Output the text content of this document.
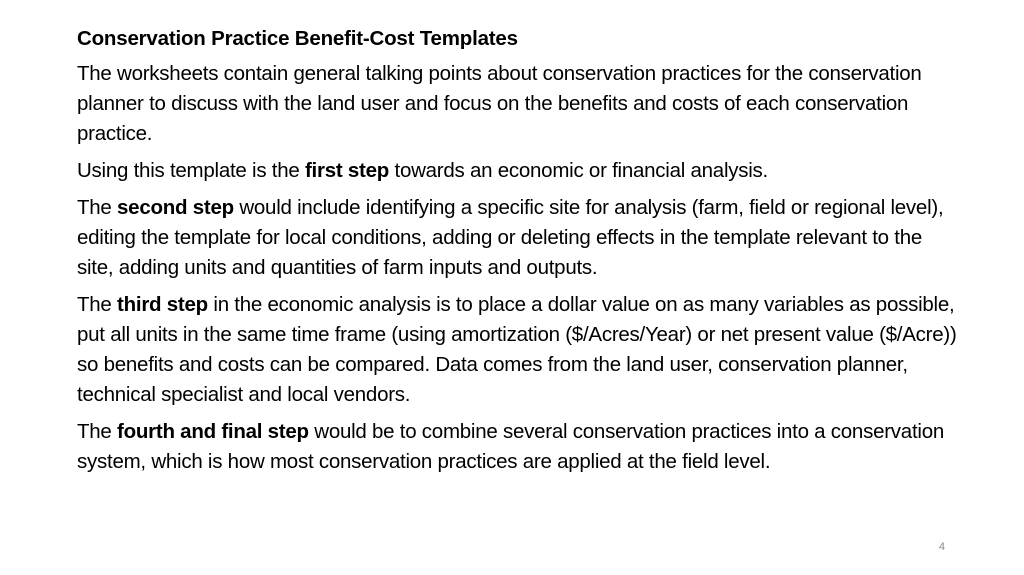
Conservation Practice Benefit-Cost Templates

The worksheets contain general talking points about conservation practices for the conservation planner to discuss with the land user and focus on the benefits and costs of each conservation practice.

Using this template is the first step towards an economic or financial analysis.

The second step would include identifying a specific site for analysis (farm, field or regional level), editing the template for local conditions, adding or deleting effects in the template relevant to the site, adding units and quantities of farm inputs and outputs.

The third step in the economic analysis is to place a dollar value on as many variables as possible, put all units in the same time frame (using amortization ($/Acres/Year) or net present value ($/Acre)) so benefits and costs can be compared. Data comes from the land user, conservation planner, technical specialist and local vendors.

The fourth and final step would be to combine several conservation practices into a conservation system, which is how most conservation practices are applied at the field level.

4
